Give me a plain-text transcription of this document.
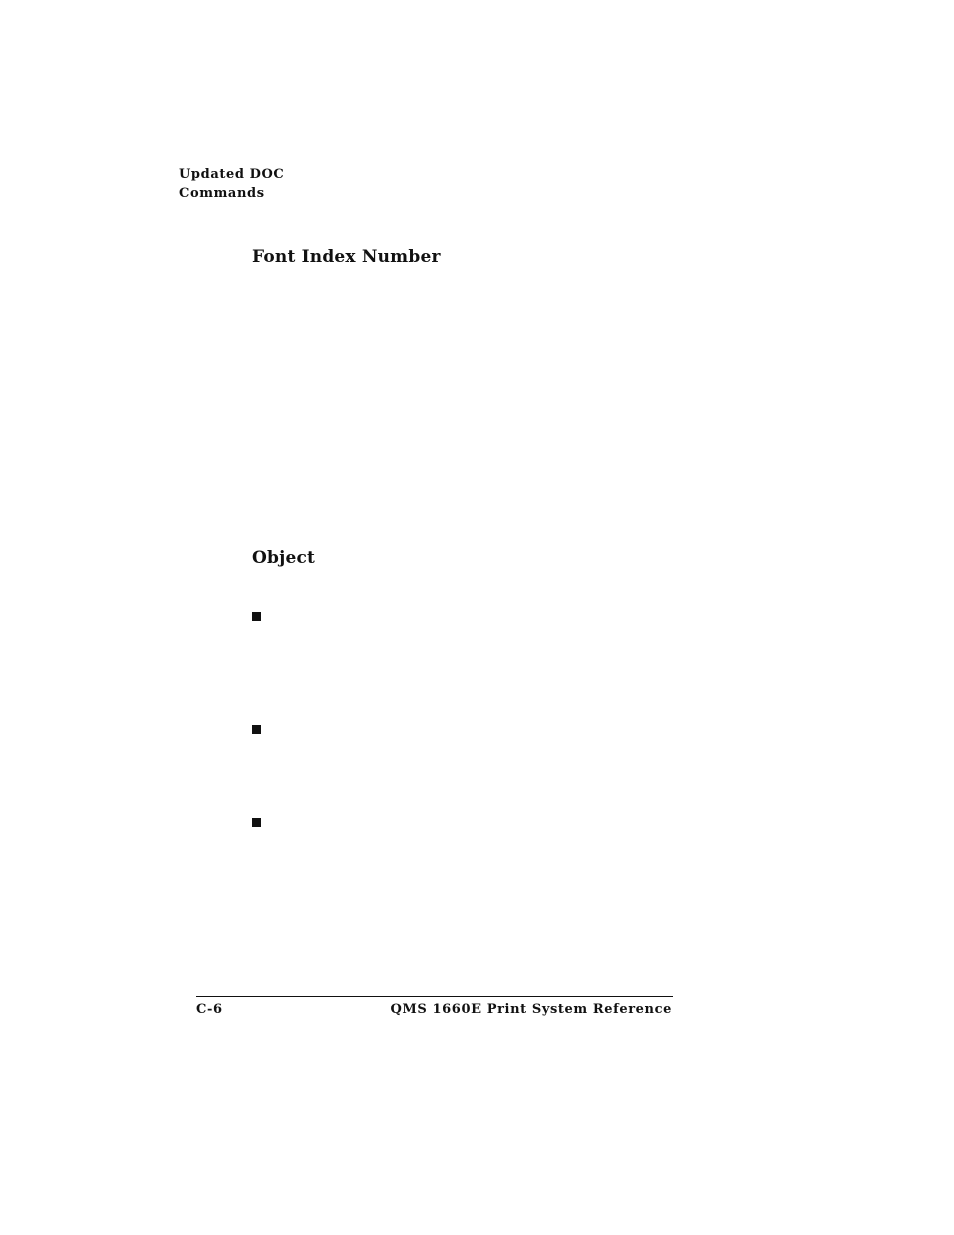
Updated DOC
Commands
Font Index Number
Object
C-6	QMS 1660E Print System Reference
